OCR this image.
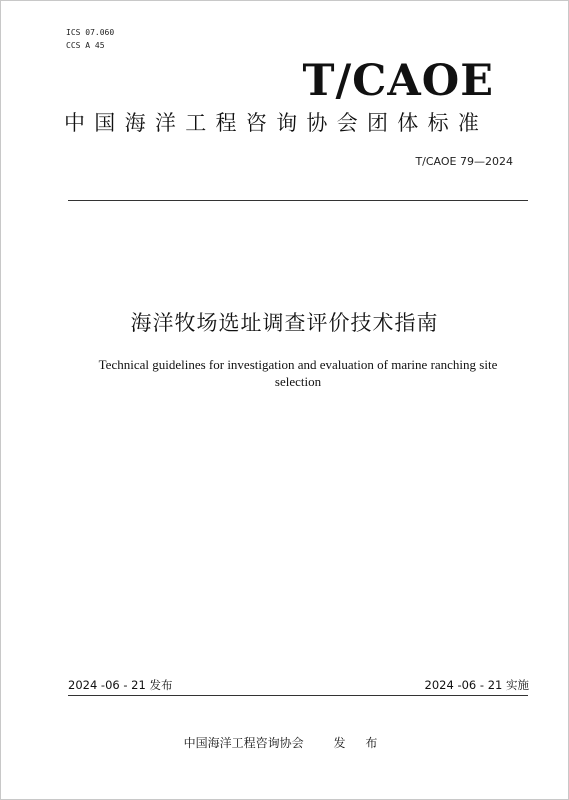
ICS 07.060
CCS A 45
T/CAOE
中国海洋工程咨询协会团体标准
T/CAOE 79—2024
海洋牧场选址调查评价技术指南
Technical guidelines for investigation and evaluation of marine ranching site selection
2024 -06 - 21 发布	2024 -06 - 21 实施
中国海洋工程咨询协会 发 布
